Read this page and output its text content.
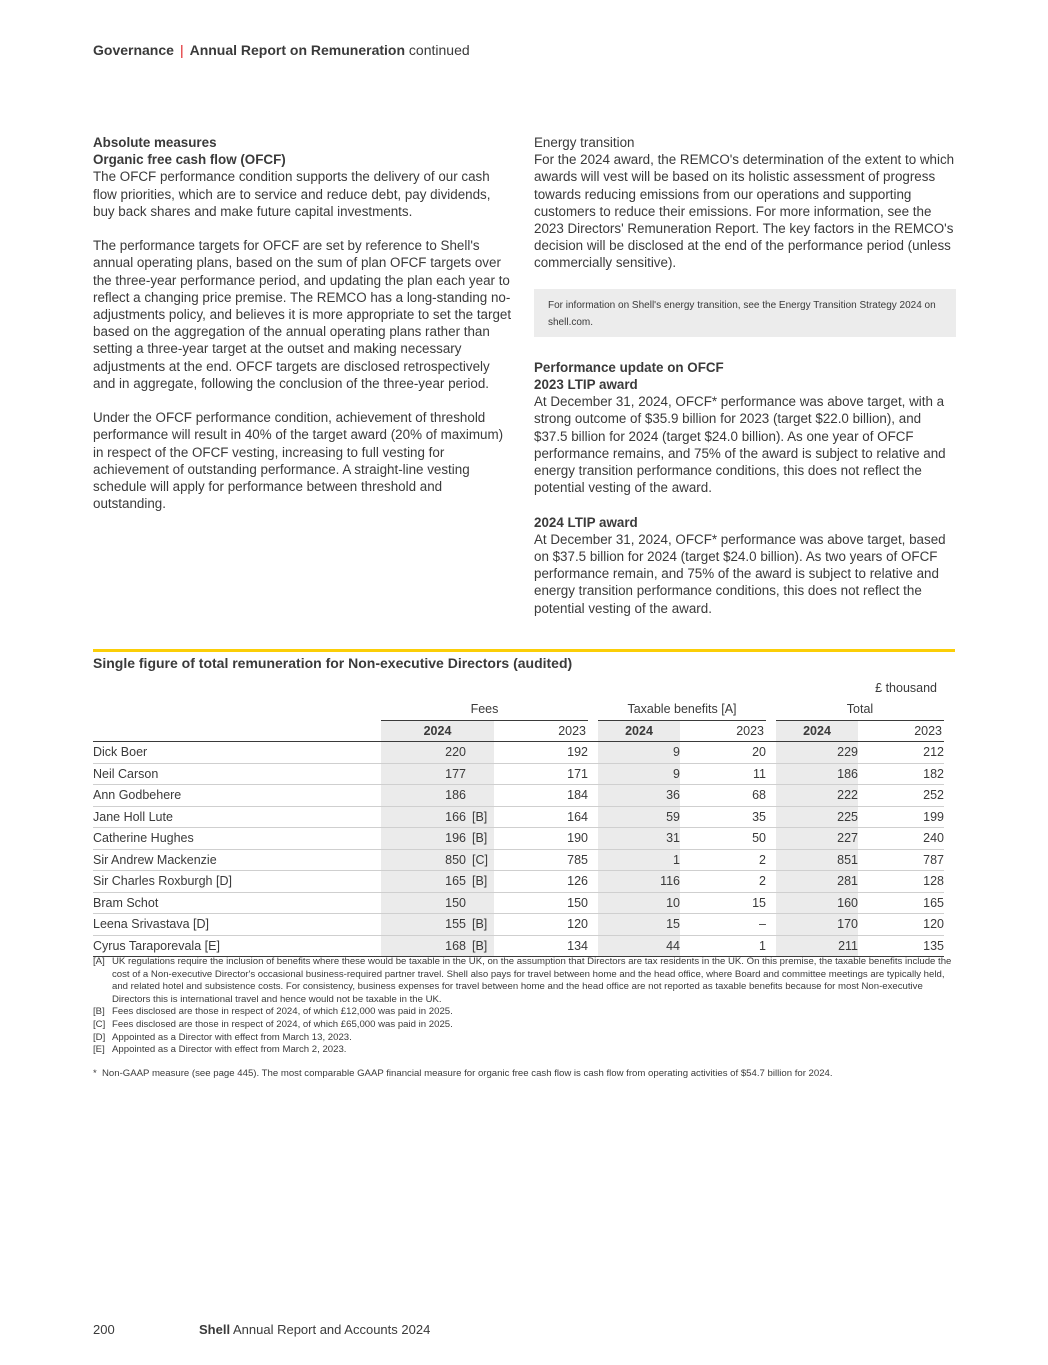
Governance | Annual Report on Remuneration continued
Absolute measures
Organic free cash flow (OFCF)

The OFCF performance condition supports the delivery of our cash flow priorities, which are to service and reduce debt, pay dividends, buy back shares and make future capital investments.

The performance targets for OFCF are set by reference to Shell's annual operating plans, based on the sum of plan OFCF targets over the three-year performance period, and updating the plan each year to reflect a changing price premise. The REMCO has a long-standing no-adjustments policy, and believes it is more appropriate to set the target based on the aggregation of the annual operating plans rather than setting a three-year target at the outset and making necessary adjustments at the end. OFCF targets are disclosed retrospectively and in aggregate, following the conclusion of the three-year period.

Under the OFCF performance condition, achievement of threshold performance will result in 40% of the target award (20% of maximum) in respect of the OFCF vesting, increasing to full vesting for achievement of outstanding performance. A straight-line vesting schedule will apply for performance between threshold and outstanding.

Energy transition

For the 2024 award, the REMCO's determination of the extent to which awards will vest will be based on its holistic assessment of progress towards reducing emissions from our operations and supporting customers to reduce their emissions. For more information, see the 2023 Directors' Remuneration Report. The key factors in the REMCO's decision will be disclosed at the end of the performance period (unless commercially sensitive).

For information on Shell's energy transition, see the Energy Transition Strategy 2024 on shell.com.
Performance update on OFCF
2023 LTIP award

At December 31, 2024, OFCF* performance was above target, with a strong outcome of $35.9 billion for 2023 (target $22.0 billion), and $37.5 billion for 2024 (target $24.0 billion). As one year of OFCF performance remains, and 75% of the award is subject to relative and energy transition performance conditions, this does not reflect the potential vesting of the award.

2024 LTIP award

At December 31, 2024, OFCF* performance was above target, based on $37.5 billion for 2024 (target $24.0 billion). As two years of OFCF performance remain, and 75% of the award is subject to relative and energy transition performance conditions, this does not reflect the potential vesting of the award.

Single figure of total remuneration for Non-executive Directors (audited)
£ thousand
	Fees			Taxable benefits [A]			Total	
	2024	2023		2024	2023		2024	2023
Dick Boer	220	192		9	20		229	212
Neil Carson	177	171		9	11		186	182
Ann Godbehere	186	184		36	68		222	252
Jane Holl Lute	166 [B]	164		59	35		225	199
Catherine Hughes	196 [B]	190		31	50		227	240
Sir Andrew Mackenzie	850 [C]	785		1	2		851	787
Sir Charles Roxburgh [D]	165 [B]	126		116	2		281	128
Bram Schot	150	150		10	15		160	165
Leena Srivastava [D]	155 [B]	120		15	–		170	120
Cyrus Taraporevala [E]	168 [B]	134		44	1		211	135
[A] UK regulations require the inclusion of benefits where these would be taxable in the UK, on the assumption that Directors are tax residents in the UK. On this premise, the taxable benefits include the cost of a Non-executive Director's occasional business-required partner travel. Shell also pays for travel between home and the head office, where Board and committee meetings are typically held, and related hotel and subsistence costs. For consistency, business expenses for travel between home and the head office are not reported as taxable benefits because for most Non-executive Directors this is international travel and hence would not be taxable in the UK.
[B] Fees disclosed are those in respect of 2024, of which £12,000 was paid in 2025.
[C] Fees disclosed are those in respect of 2024, of which £65,000 was paid in 2025.
[D] Appointed as a Director with effect from March 13, 2023.
[E] Appointed as a Director with effect from March 2, 2023.
* Non-GAAP measure (see page 445). The most comparable GAAP financial measure for organic free cash flow is cash flow from operating activities of $54.7 billion for 2024.
200	Shell Annual Report and Accounts 2024
